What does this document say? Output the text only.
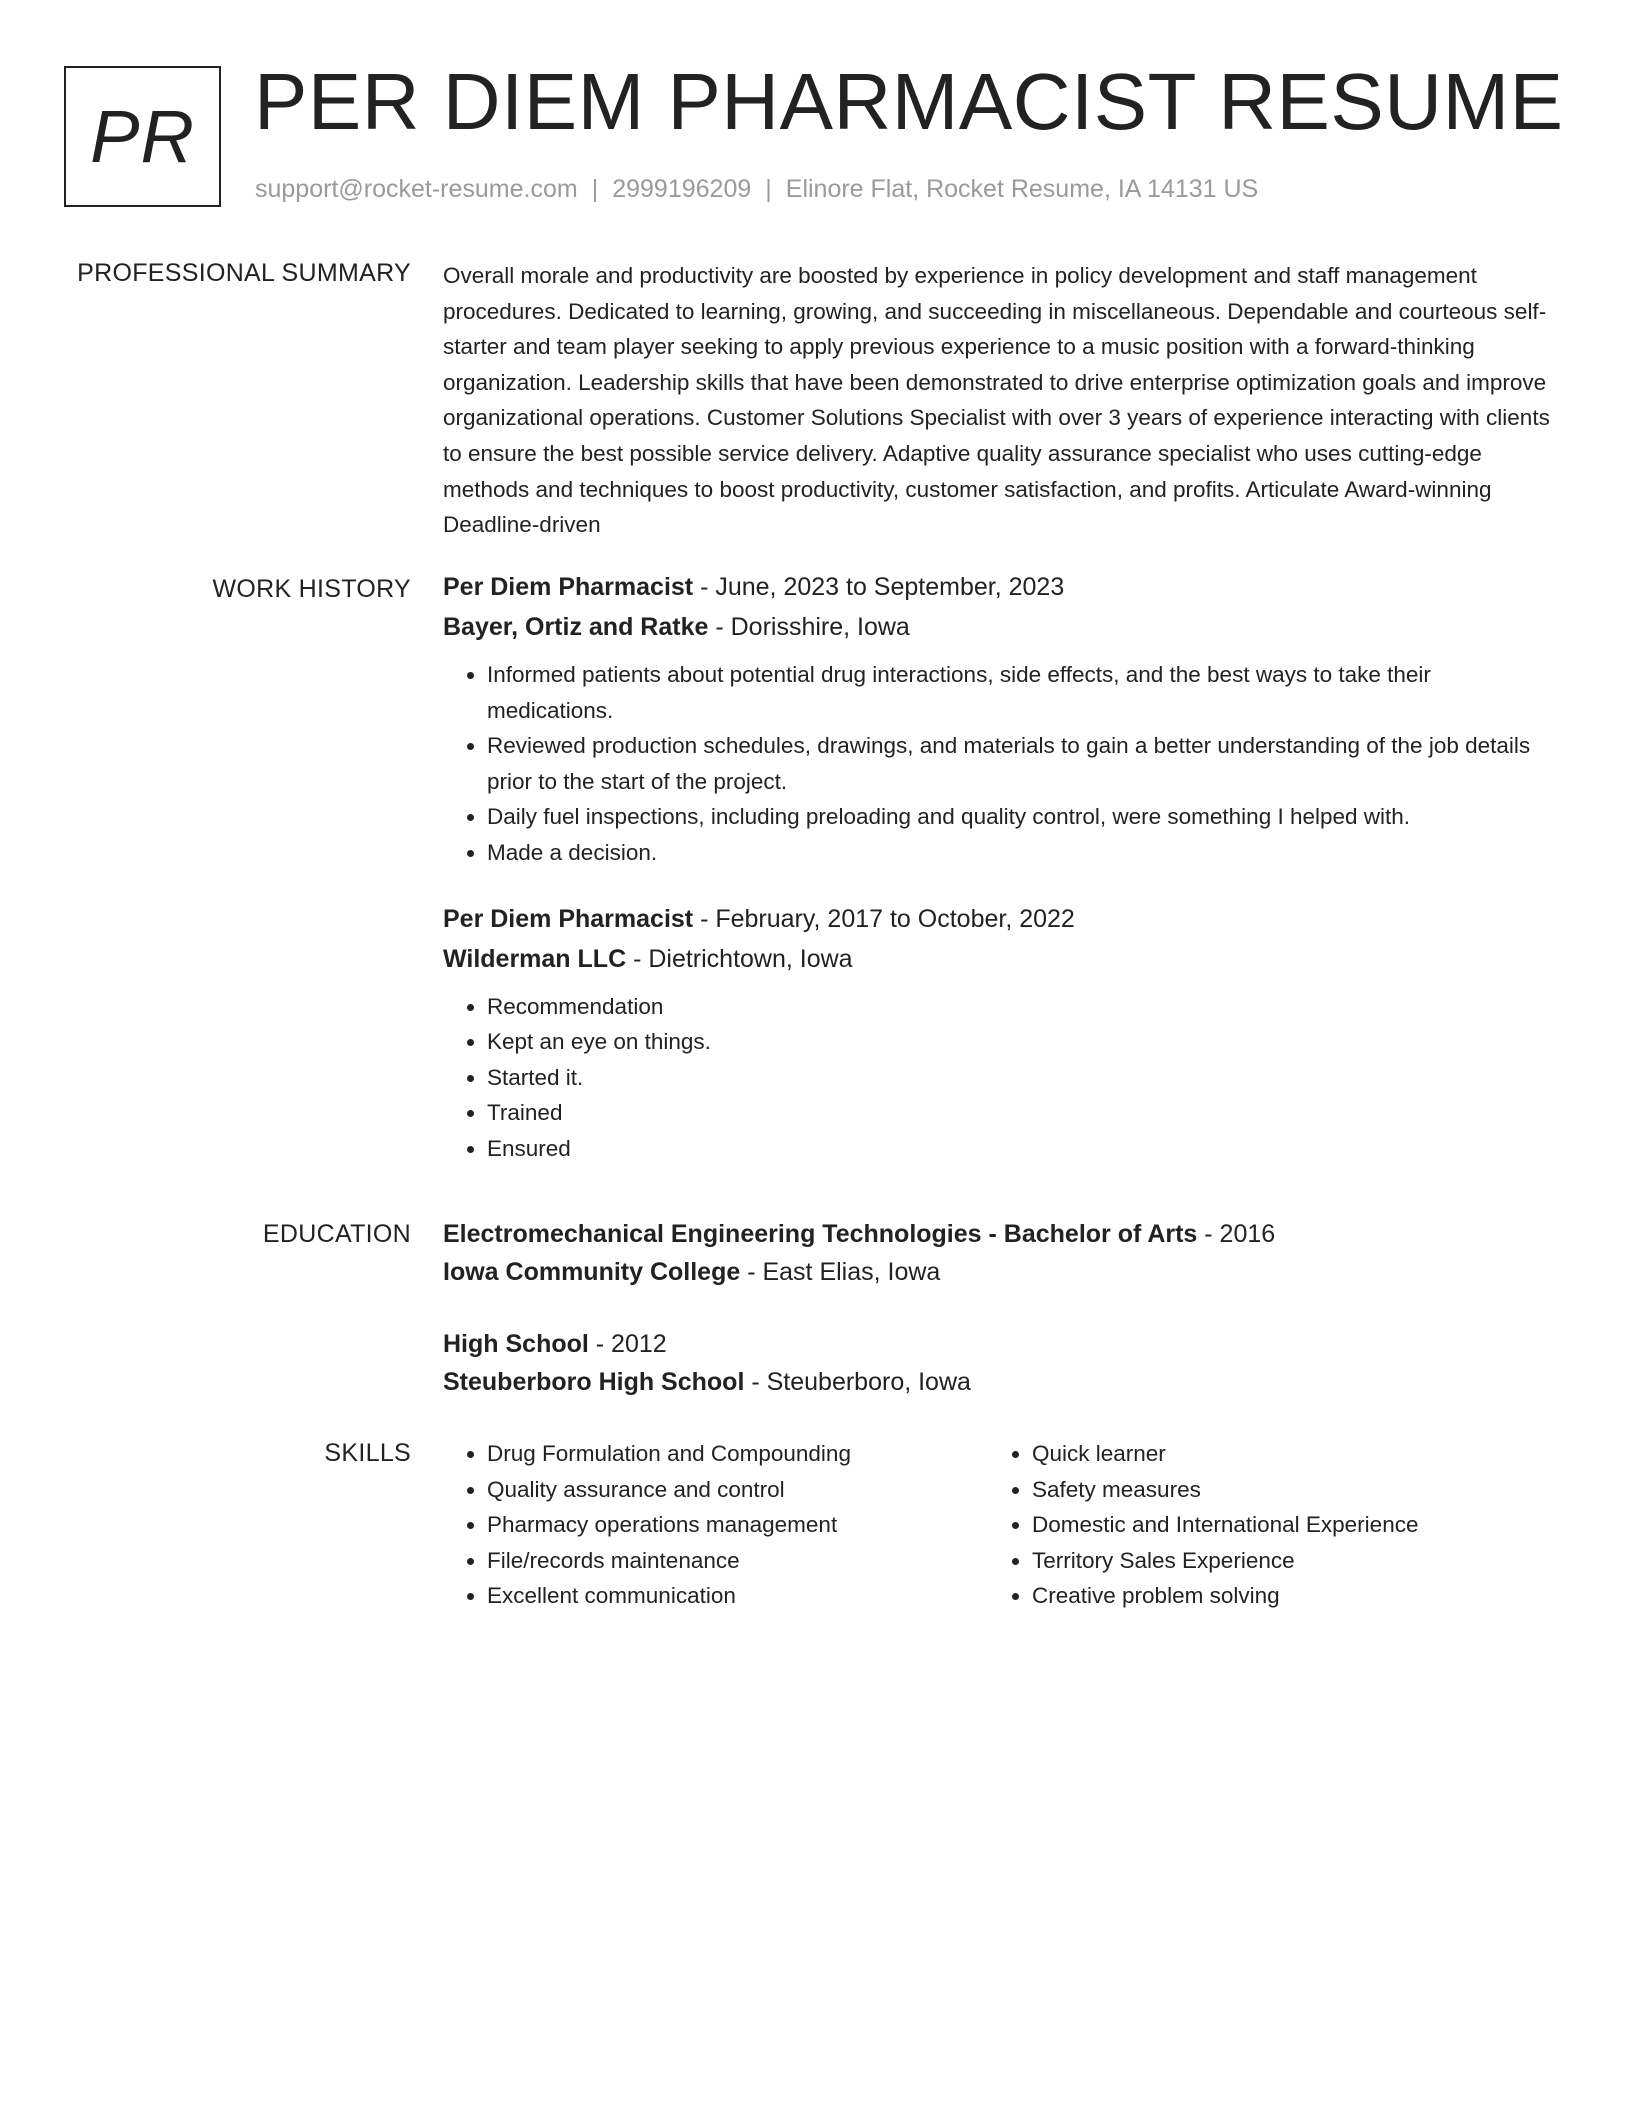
PR PER DIEM PHARMACIST RESUME
support@rocket-resume.com | 2999196209 | Elinore Flat, Rocket Resume, IA 14131 US
PROFESSIONAL SUMMARY Overall morale and productivity are boosted by experience in policy development and staff management procedures. Dedicated to learning, growing, and succeeding in miscellaneous. Dependable and courteous self-starter and team player seeking to apply previous experience to a music position with a forward-thinking organization. Leadership skills that have been demonstrated to drive enterprise optimization goals and improve organizational operations. Customer Solutions Specialist with over 3 years of experience interacting with clients to ensure the best possible service delivery. Adaptive quality assurance specialist who uses cutting-edge methods and techniques to boost productivity, customer satisfaction, and profits. Articulate Award-winning Deadline-driven

WORK HISTORY Per Diem Pharmacist - June, 2023 to September, 2023
Bayer, Ortiz and Ratke - Dorisshire, Iowa
• Informed patients about potential drug interactions, side effects, and the best ways to take their medications.
• Reviewed production schedules, drawings, and materials to gain a better understanding of the job details prior to the start of the project.
• Daily fuel inspections, including preloading and quality control, were something I helped with.
• Made a decision.
Per Diem Pharmacist - February, 2017 to October, 2022
Wilderman LLC - Dietrichtown, Iowa
• Recommendation
• Kept an eye on things.
• Started it.
• Trained
• Ensured
EDUCATION Electromechanical Engineering Technologies - Bachelor of Arts - 2016
Iowa Community College - East Elias, Iowa
High School - 2012
Steuberboro High School - Steuberboro, Iowa
SKILLS
•	Drug Formulation and Compounding
• Quality assurance and control
• Pharmacy operations management
• File/records maintenance
• Excellent communication
• Quick learner
• Safety measures
• Domestic and International Experience
• Territory Sales Experience
• Creative problem solving
